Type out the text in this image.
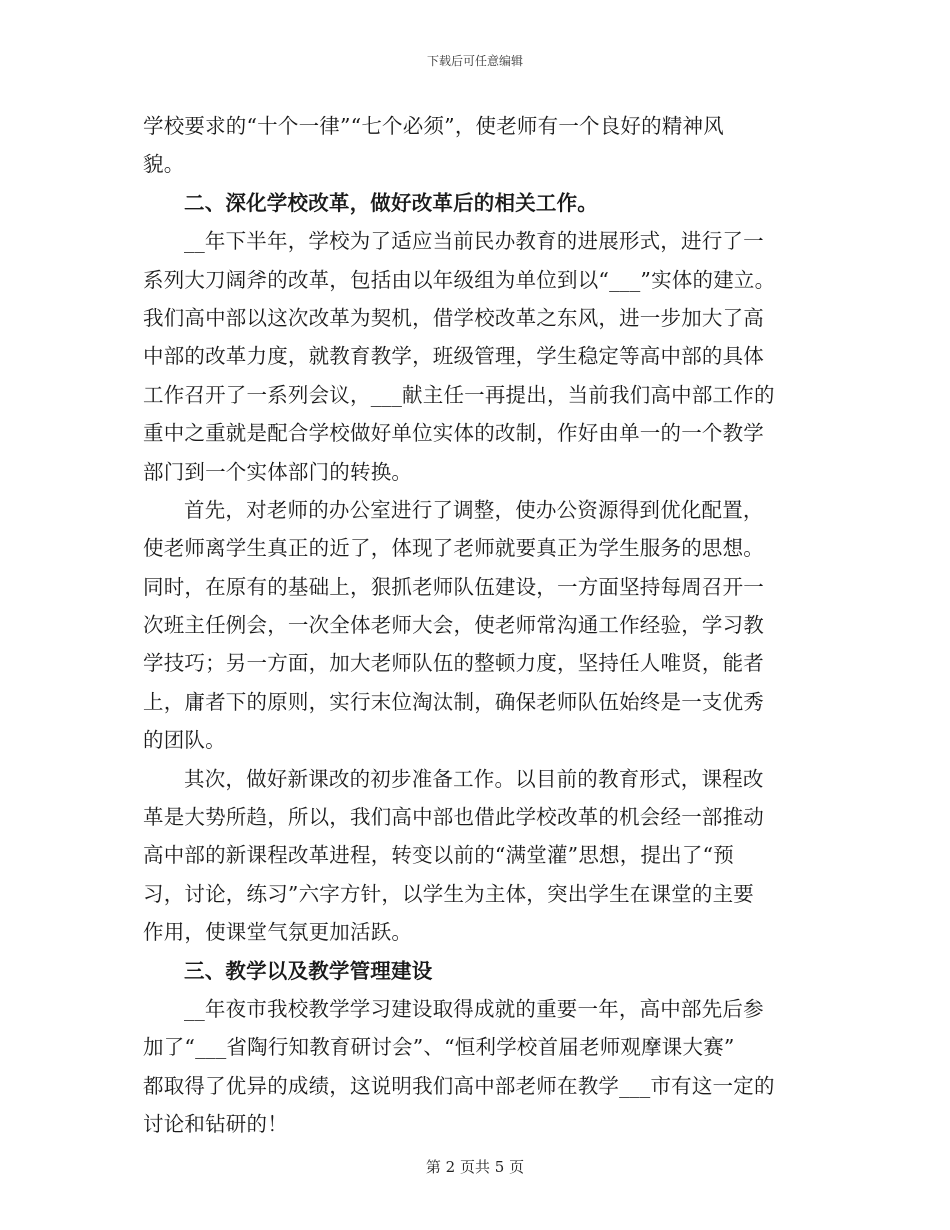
下载后可任意编辑
学校要求的“十个一律”“七个必须”，使老师有一个良好的精神风
貌。
二、深化学校改革，做好改革后的相关工作。
__年下半年，学校为了适应当前民办教育的进展形式，进行了一
系列大刀阔斧的改革，包括由以年级组为单位到以“___”实体的建立。
我们高中部以这次改革为契机，借学校改革之东风，进一步加大了高
中部的改革力度，就教育教学，班级管理，学生稳定等高中部的具体
工作召开了一系列会议，___献主任一再提出，当前我们高中部工作的
重中之重就是配合学校做好单位实体的改制，作好由单一的一个教学
部门到一个实体部门的转换。
首先，对老师的办公室进行了调整，使办公资源得到优化配置，
使老师离学生真正的近了，体现了老师就要真正为学生服务的思想。
同时，在原有的基础上，狠抓老师队伍建设，一方面坚持每周召开一
次班主任例会，一次全体老师大会，使老师常沟通工作经验，学习教
学技巧；另一方面，加大老师队伍的整顿力度，坚持任人唯贤，能者
上，庸者下的原则，实行末位淘汰制，确保老师队伍始终是一支优秀
的团队。
其次，做好新课改的初步准备工作。以目前的教育形式，课程改
革是大势所趋，所以，我们高中部也借此学校改革的机会经一部推动
高中部的新课程改革进程，转变以前的“满堂灌”思想，提出了“预
习，讨论，练习”六字方针，以学生为主体，突出学生在课堂的主要
作用，使课堂气氛更加活跃。
三、教学以及教学管理建设
__年夜市我校教学学习建设取得成就的重要一年，高中部先后参
加了“___省陶行知教育研讨会”、“恒利学校首届老师观摩课大赛”
都取得了优异的成绩，这说明我们高中部老师在教学___市有这一定的
讨论和钻研的！
第 2 页共 5 页
